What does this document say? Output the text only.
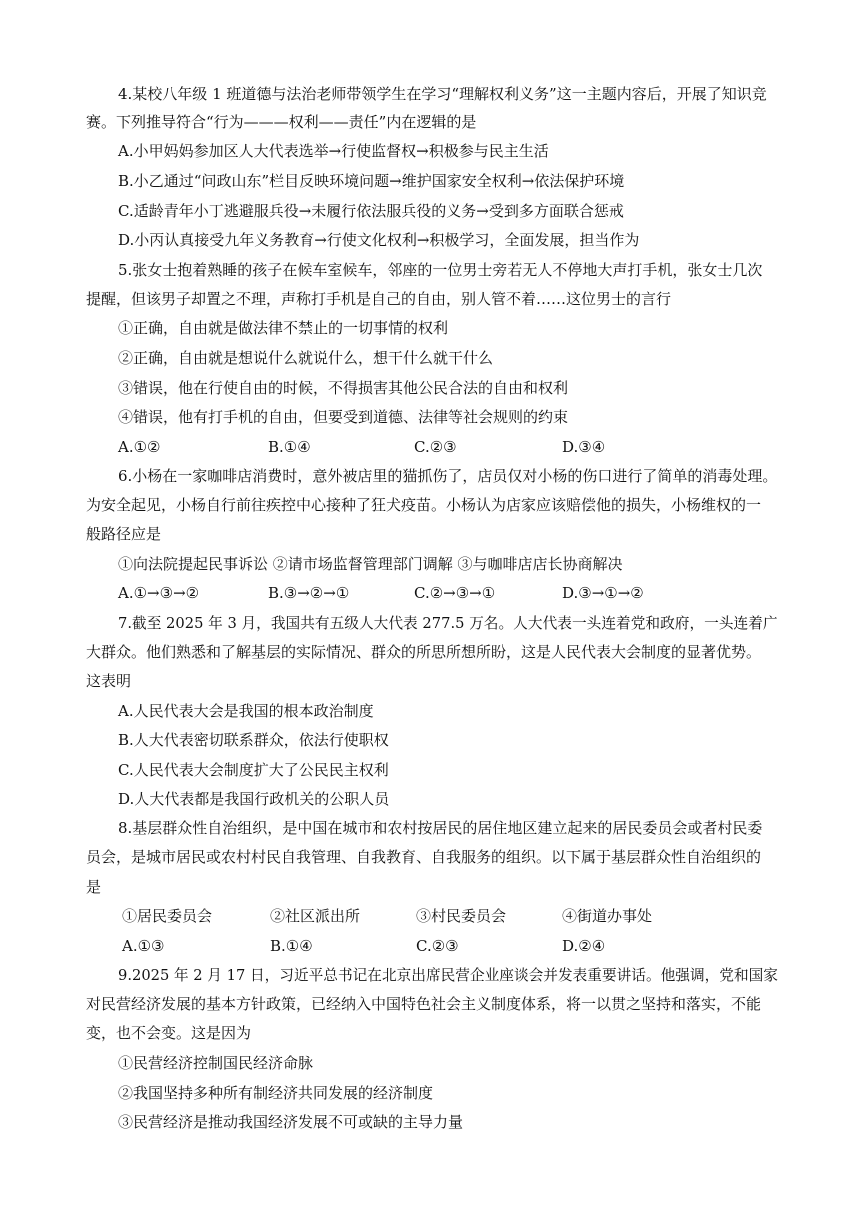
4.某校八年级 1 班道德与法治老师带领学生在学习“理解权利义务”这一主题内容后，开展了知识竞
赛。下列推导符合“行为———权利——责任”内在逻辑的是
A.小甲妈妈参加区人大代表选举→行使监督权→积极参与民主生活
B.小乙通过“问政山东”栏目反映环境问题→维护国家安全权利→依法保护环境
C.适龄青年小丁逃避服兵役→未履行依法服兵役的义务→受到多方面联合惩戒
D.小丙认真接受九年义务教育→行使文化权利→积极学习，全面发展，担当作为
5.张女士抱着熟睡的孩子在候车室候车，邻座的一位男士旁若无人不停地大声打手机，张女士几次
提醒，但该男子却置之不理，声称打手机是自己的自由，别人管不着……这位男士的言行
①正确，自由就是做法律不禁止的一切事情的权利
②正确，自由就是想说什么就说什么，想干什么就干什么
③错误，他在行使自由的时候，不得损害其他公民合法的自由和权利
④错误，他有打手机的自由，但要受到道德、法律等社会规则的约束
A.①②	B.①④	C.②③	D.③④
6.小杨在一家咖啡店消费时，意外被店里的猫抓伤了，店员仅对小杨的伤口进行了简单的消毒处理。
为安全起见，小杨自行前往疾控中心接种了狂犬疫苗。小杨认为店家应该赔偿他的损失，小杨维权的一
般路径应是
①向法院提起民事诉讼 ②请市场监督管理部门调解 ③与咖啡店店长协商解决
A.①→③→②	B.③→②→①	C.②→③→①	D.③→①→②
7.截至 2025 年 3 月，我国共有五级人大代表 277.5 万名。人大代表一头连着党和政府，一头连着广
大群众。他们熟悉和了解基层的实际情况、群众的所思所想所盼，这是人民代表大会制度的显著优势。
这表明
A.人民代表大会是我国的根本政治制度
B.人大代表密切联系群众，依法行使职权
C.人民代表大会制度扩大了公民民主权利
D.人大代表都是我国行政机关的公职人员
8.基层群众性自治组织，是中国在城市和农村按居民的居住地区建立起来的居民委员会或者村民委
员会，是城市居民或农村村民自我管理、自我教育、自我服务的组织。以下属于基层群众性自治组织的
是
①居民委员会	②社区派出所	③村民委员会	④街道办事处
A.①③	B.①④	C.②③	D.②④
9.2025 年 2 月 17 日，习近平总书记在北京出席民营企业座谈会并发表重要讲话。他强调，党和国家
对民营经济发展的基本方针政策，已经纳入中国特色社会主义制度体系，将一以贯之坚持和落实，不能
变，也不会变。这是因为
①民营经济控制国民经济命脉
②我国坚持多种所有制经济共同发展的经济制度
③民营经济是推动我国经济发展不可或缺的主导力量
